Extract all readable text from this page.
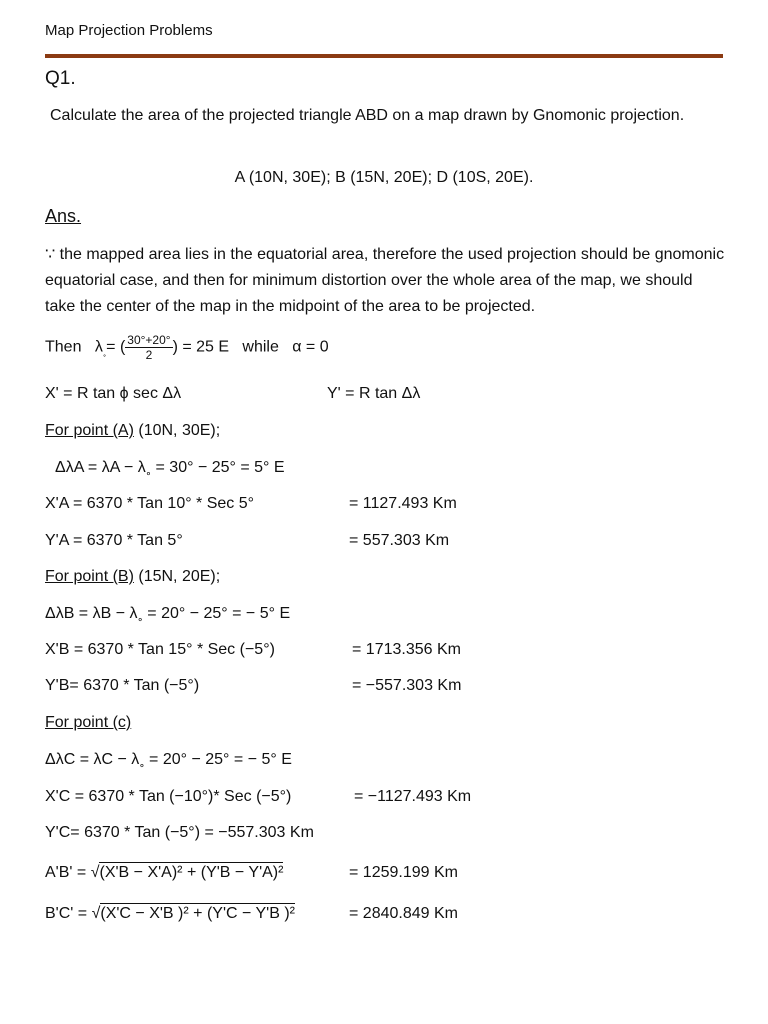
Map Projection Problems
Q1.
Calculate the area of the projected triangle ABD on a map drawn by Gnomonic projection.
A (10N, 30E); B (15N, 20E); D (10S, 20E).
Ans.
∵ the mapped area lies in the equatorial area, therefore the used projection should be gnomonic equatorial case, and then for minimum distortion over the whole area of the map, we should take the center of the map in the midpoint of the area to be projected.
Then $\lambda_˳=$ ( $\frac{30^\circ+20^\circ}{2}$ ) = 25 E while α = 0
X' = R tan ϕ sec Δλ	Y' = R tan Δλ
For point (A) (10N, 30E);
ΔλA = λA − λ˳ = 30° − 25° = 5° E
X'A = 6370 * Tan 10° * Sec 5°	= 1127.493 Km
Y'A = 6370 * Tan 5°	= 557.303 Km
For point (B) (15N, 20E);
ΔλB = λB − λ˳ = 20° − 25° = − 5° E
X'B = 6370 * Tan 15° * Sec (−5°)	= 1713.356 Km
Y'B= 6370 * Tan (−5°)	= −557.303 Km
For point (c)
ΔλC = λC − λ˳ = 20° − 25° = − 5° E
X'C = 6370 * Tan (−10°)* Sec (−5°)	= −1127.493 Km
Y'C= 6370 * Tan (−5°) = −557.303 Km
A'B' = √(X'B − X'A)² + (Y'B − Y'A)²	= 1259.199 Km
B'C' = √(X'C − X'B )² + (Y'C − Y'B )²	= 2840.849 Km
